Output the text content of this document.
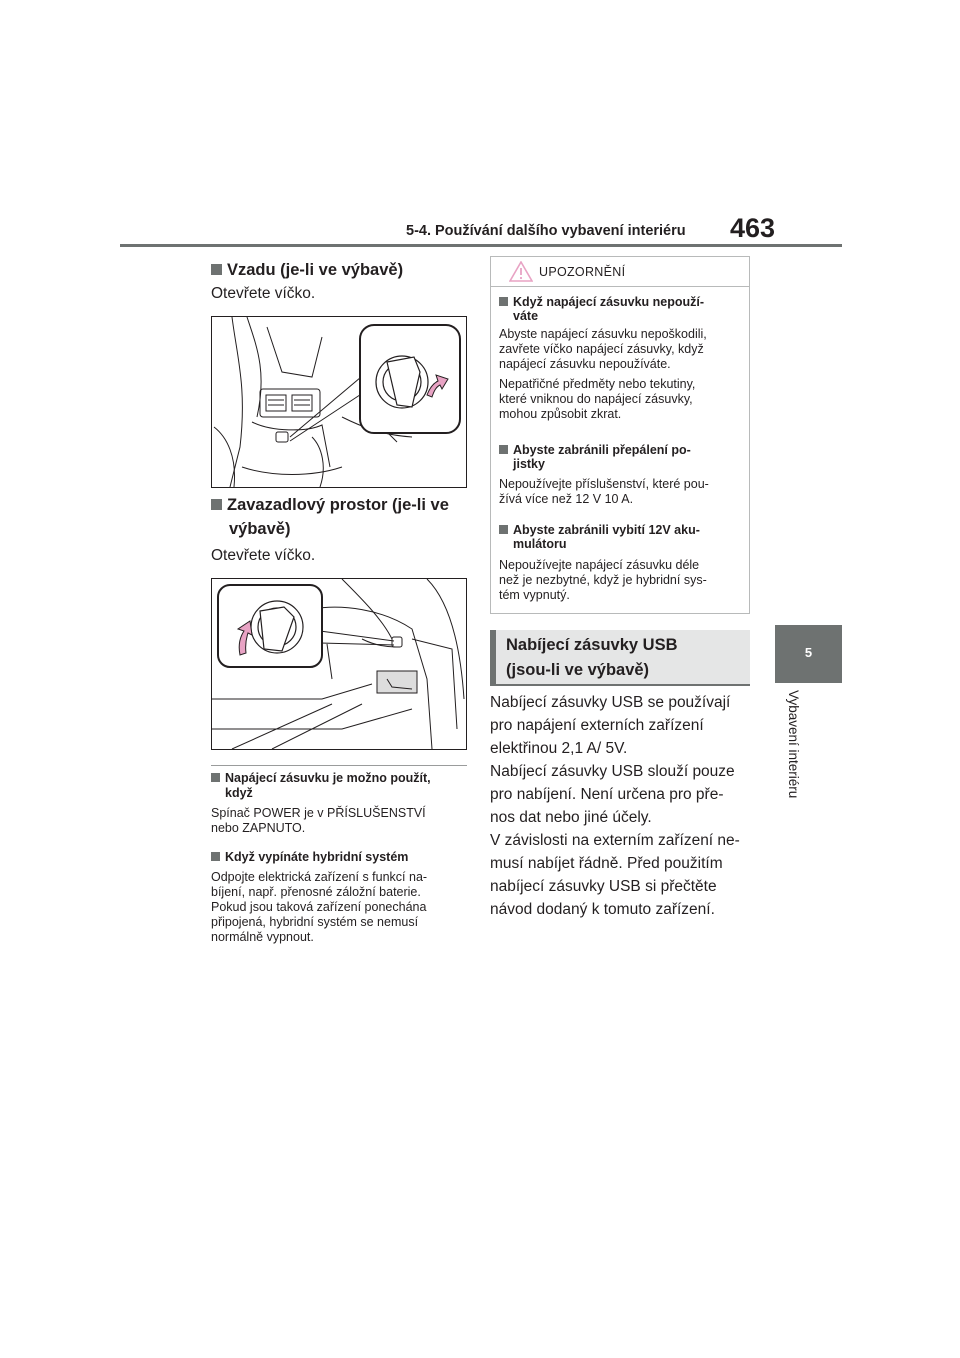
5-4. Používání dalšího vybavení interiéru 463
5
Vybavení interiéru
Vzadu (je-li ve výbavě)
Otevřete víčko.
Zavazadlový prostor (je-li ve
výbavě)
Otevřete víčko.
Napájecí zásuvku je možno použít,
když
Spínač POWER je v PŘÍSLUŠENSTVÍ
nebo ZAPNUTO.
Když vypínáte hybridní systém
Odpojte elektrická zařízení s funkcí na-
bíjení, např. přenosné záložní baterie.
Pokud jsou taková zařízení ponechána
připojená, hybridní systém se nemusí
normálně vypnout.
UPOZORNĚNÍ
Když napájecí zásuvku nepouží-
váte
Abyste napájecí zásuvku nepoškodili,
zavřete víčko napájecí zásuvky, když
napájecí zásuvku nepoužíváte.
Nepatřičné předměty nebo tekutiny,
které vniknou do napájecí zásuvky,
mohou způsobit zkrat.
Abyste zabránili přepálení po-
jistky
Nepoužívejte příslušenství, které pou-
žívá více než 12 V 10 A.
Abyste zabránili vybití 12V aku-
mulátoru
Nepoužívejte napájecí zásuvku déle
než je nezbytné, když je hybridní sys-
tém vypnutý.
Nabíjecí zásuvky USB
(jsou-li ve výbavě)
Nabíjecí zásuvky USB se používají
pro napájení externích zařízení
elektřinou 2,1 A/ 5V.
Nabíjecí zásuvky USB slouží pouze
pro nabíjení. Není určena pro pře-
nos dat nebo jiné účely.
V závislosti na externím zařízení ne-
musí nabíjet řádně. Před použitím
nabíjecí zásuvky USB si přečtěte
návod dodaný k tomuto zařízení.
